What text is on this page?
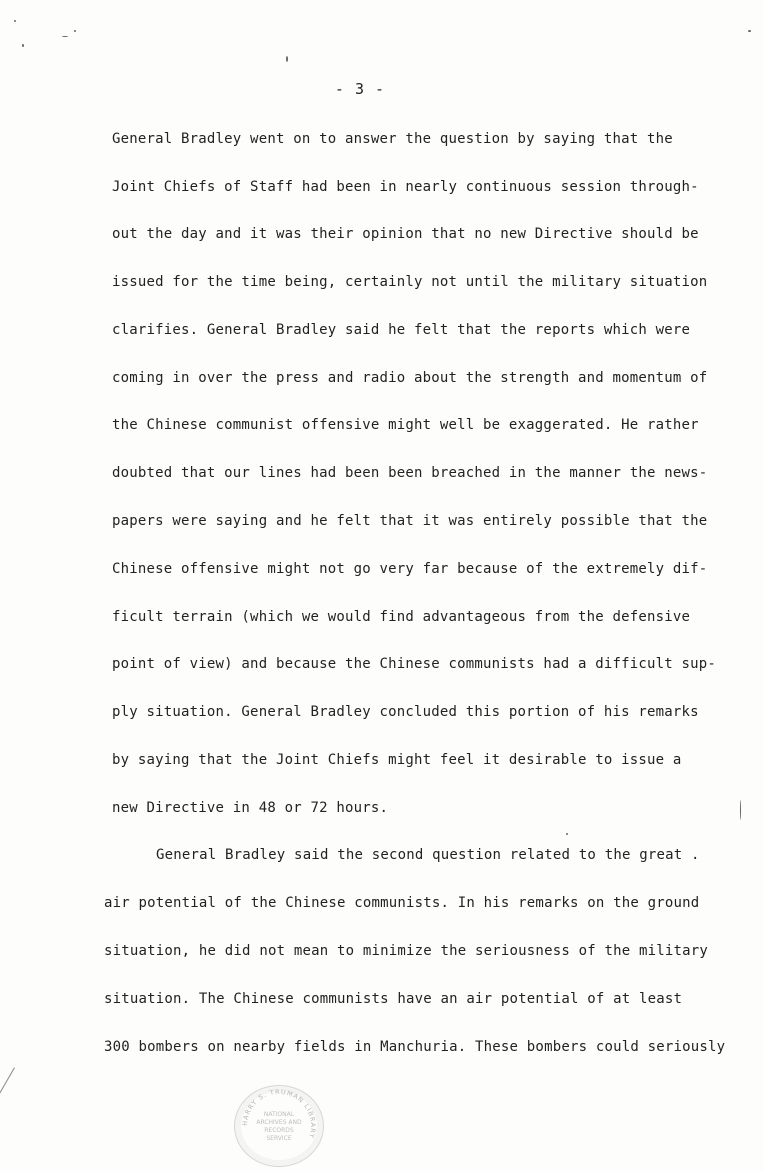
- 3 -
General Bradley went on to answer the question by saying that the
Joint Chiefs of Staff had been in nearly continuous session through-
out the day and it was their opinion that no new Directive should be
issued for the time being, certainly not until the military situation
clarifies. General Bradley said he felt that the reports which were
coming in over the press and radio about the strength and momentum of
the Chinese communist offensive might well be exaggerated. He rather
doubted that our lines had been been breached in the manner the news-
papers were saying and he felt that it was entirely possible that the
Chinese offensive might not go very far because of the extremely dif-
ficult terrain (which we would find advantageous from the defensive
point of view) and because the Chinese communists had a difficult sup-
ply situation. General Bradley concluded this portion of his remarks
by saying that the Joint Chiefs might feel it desirable to issue a
new Directive in 48 or 72 hours.
General Bradley said the second question related to the great .
air potential of the Chinese communists. In his remarks on the ground
situation, he did not mean to minimize the seriousness of the military
situation. The Chinese communists have an air potential of at least
300 bombers on nearby fields in Manchuria. These bombers could seriously
HARRY S. TRUMAN LIBRARY
NATIONAL
ARCHIVES AND
RECORDS
SERVICE
